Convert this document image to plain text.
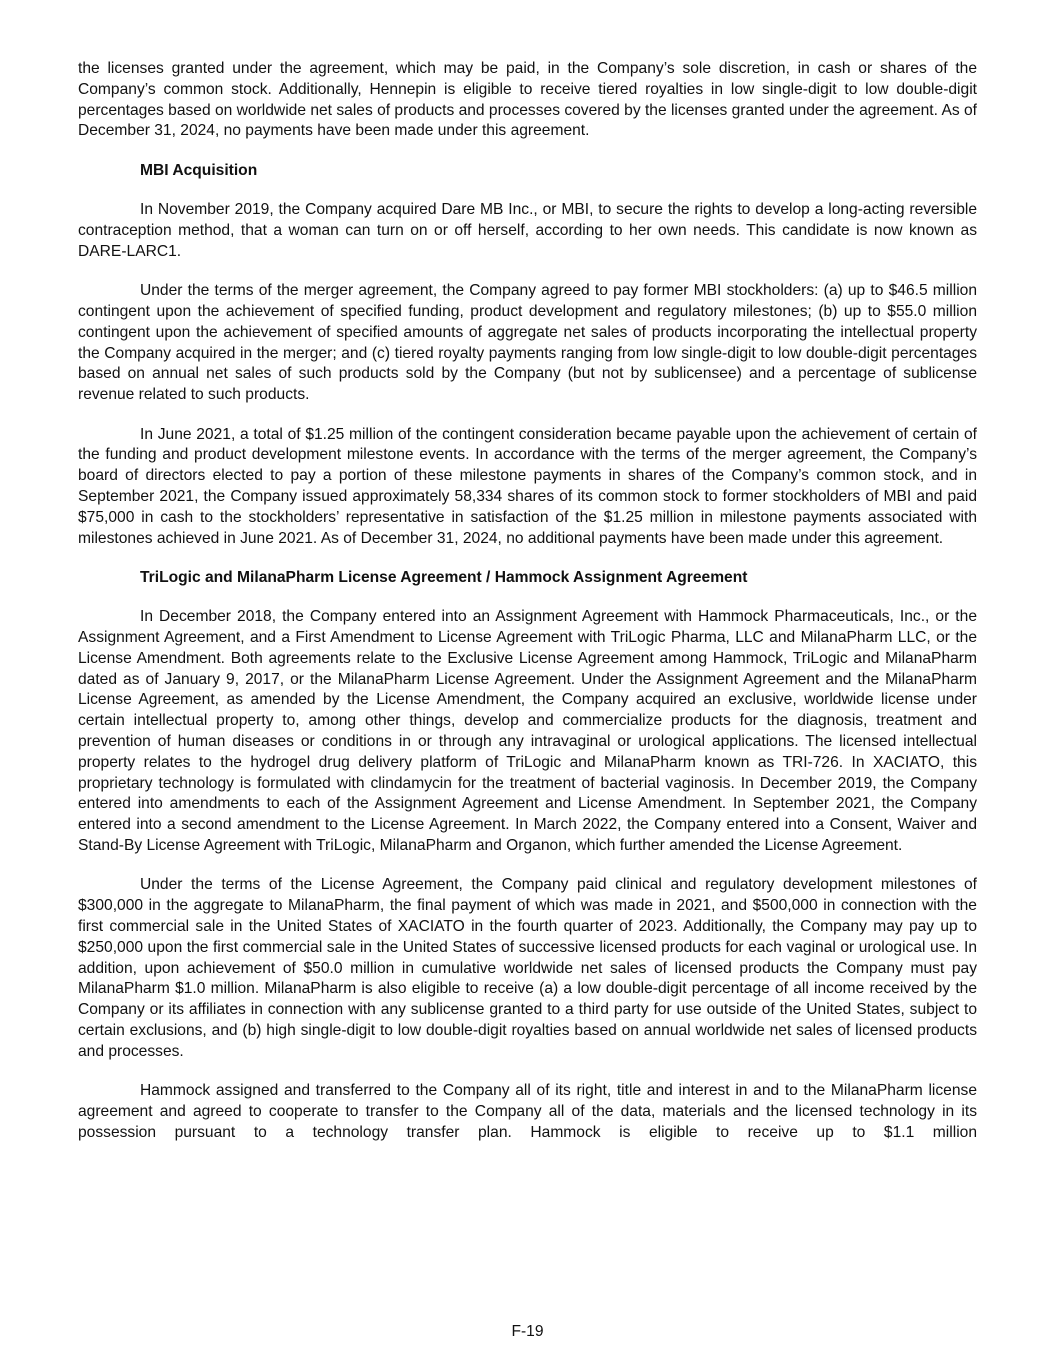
the licenses granted under the agreement, which may be paid, in the Company’s sole discretion, in cash or shares of the Company’s common stock. Additionally, Hennepin is eligible to receive tiered royalties in low single-digit to low double-digit percentages based on worldwide net sales of products and processes covered by the licenses granted under the agreement. As of December 31, 2024, no payments have been made under this agreement.

MBI Acquisition

In November 2019, the Company acquired Dare MB Inc., or MBI, to secure the rights to develop a long-acting reversible contraception method, that a woman can turn on or off herself, according to her own needs. This candidate is now known as DARE-LARC1.

Under the terms of the merger agreement, the Company agreed to pay former MBI stockholders: (a) up to $46.5 million contingent upon the achievement of specified funding, product development and regulatory milestones; (b) up to $55.0 million contingent upon the achievement of specified amounts of aggregate net sales of products incorporating the intellectual property the Company acquired in the merger; and (c) tiered royalty payments ranging from low single-digit to low double-digit percentages based on annual net sales of such products sold by the Company (but not by sublicensee) and a percentage of sublicense revenue related to such products.

In June 2021, a total of $1.25 million of the contingent consideration became payable upon the achievement of certain of the funding and product development milestone events. In accordance with the terms of the merger agreement, the Company’s board of directors elected to pay a portion of these milestone payments in shares of the Company’s common stock, and in September 2021, the Company issued approximately 58,334 shares of its common stock to former stockholders of MBI and paid $75,000 in cash to the stockholders’ representative in satisfaction of the $1.25 million in milestone payments associated with milestones achieved in June 2021. As of December 31, 2024, no additional payments have been made under this agreement.

TriLogic and MilanaPharm License Agreement / Hammock Assignment Agreement

In December 2018, the Company entered into an Assignment Agreement with Hammock Pharmaceuticals, Inc., or the Assignment Agreement, and a First Amendment to License Agreement with TriLogic Pharma, LLC and MilanaPharm LLC, or the License Amendment. Both agreements relate to the Exclusive License Agreement among Hammock, TriLogic and MilanaPharm dated as of January 9, 2017, or the MilanaPharm License Agreement. Under the Assignment Agreement and the MilanaPharm License Agreement, as amended by the License Amendment, the Company acquired an exclusive, worldwide license under certain intellectual property to, among other things, develop and commercialize products for the diagnosis, treatment and prevention of human diseases or conditions in or through any intravaginal or urological applications. The licensed intellectual property relates to the hydrogel drug delivery platform of TriLogic and MilanaPharm known as TRI-726. In XACIATO, this proprietary technology is formulated with clindamycin for the treatment of bacterial vaginosis. In December 2019, the Company entered into amendments to each of the Assignment Agreement and License Amendment. In September 2021, the Company entered into a second amendment to the License Agreement. In March 2022, the Company entered into a Consent, Waiver and Stand-By License Agreement with TriLogic, MilanaPharm and Organon, which further amended the License Agreement.

Under the terms of the License Agreement, the Company paid clinical and regulatory development milestones of $300,000 in the aggregate to MilanaPharm, the final payment of which was made in 2021, and $500,000 in connection with the first commercial sale in the United States of XACIATO in the fourth quarter of 2023. Additionally, the Company may pay up to $250,000 upon the first commercial sale in the United States of successive licensed products for each vaginal or urological use. In addition, upon achievement of $50.0 million in cumulative worldwide net sales of licensed products the Company must pay MilanaPharm $1.0 million. MilanaPharm is also eligible to receive (a) a low double-digit percentage of all income received by the Company or its affiliates in connection with any sublicense granted to a third party for use outside of the United States, subject to certain exclusions, and (b) high single-digit to low double-digit royalties based on annual worldwide net sales of licensed products and processes.

Hammock assigned and transferred to the Company all of its right, title and interest in and to the MilanaPharm license agreement and agreed to cooperate to transfer to the Company all of the data, materials and the licensed technology in its possession pursuant to a technology transfer plan. Hammock is eligible to receive up to $1.1 million

F-19
